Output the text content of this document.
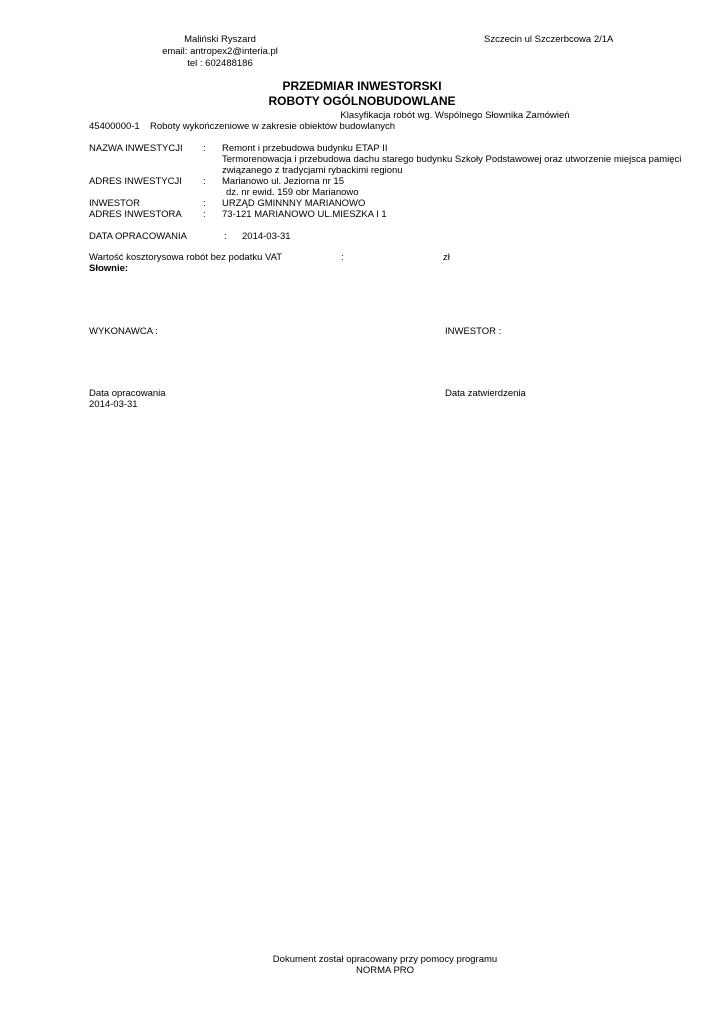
Maliński Ryszard
email: antropex2@interia.pl
tel : 602488186
Szczecin ul Szczerbcowa 2/1A
PRZEDMIAR INWESTORSKI
ROBOTY OGÓLNOBUDOWLANE
Klasyfikacja robót wg. Wspólnego Słownika Zamówień
45400000-1 Roboty wykończeniowe w zakresie obiektów budowlanych
NAZWA INWESTYCJI : Remont i przebudowa budynku ETAP II
Termorenowacja i przebudowa dachu starego budynku Szkoły Podstawowej oraz utworzenie miejsca pamięci
związanego z tradycjami rybackimi regionu
ADRES INWESTYCJI : Marianowo ul. Jeziorna nr 15
dz. nr ewid. 159 obr Marianowo
INWESTOR	: URZĄD GMINNNY MARIANOWO
ADRES INWESTORA : 73-121 MARIANOWO UL.MIESZKA I 1
DATA OPRACOWANIA	: 2014-03-31
Wartość kosztorysowa robót bez podatku VAT	:	zł
Słownie:
WYKONAWCA :	INWESTOR :
Data opracowania
2014-03-31
Data zatwierdzenia
Dokument został opracowany przy pomocy programu
NORMA PRO
